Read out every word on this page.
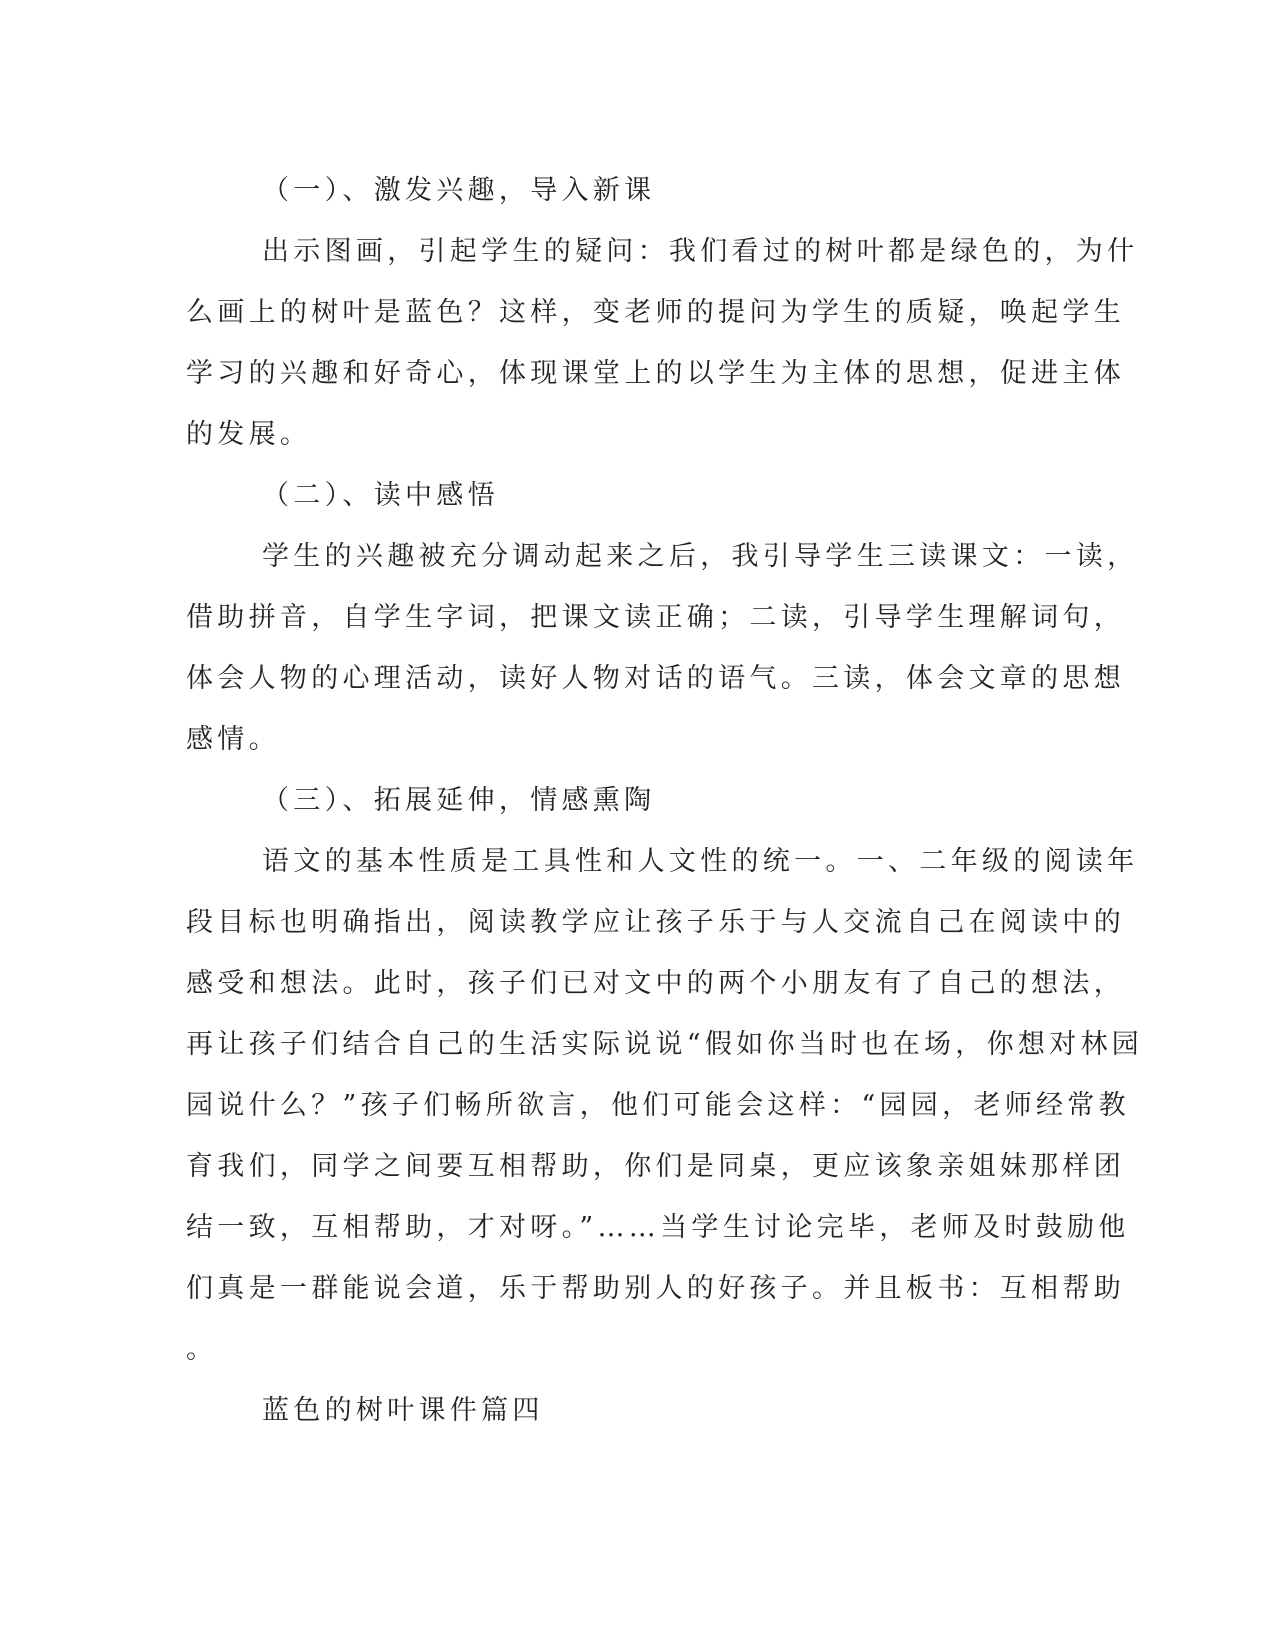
（一）、激发兴趣，导入新课
出示图画，引起学生的疑问：我们看过的树叶都是绿色的，为什
么画上的树叶是蓝色？这样，变老师的提问为学生的质疑，唤起学生
学习的兴趣和好奇心，体现课堂上的以学生为主体的思想，促进主体
的发展。
（二）、读中感悟
学生的兴趣被充分调动起来之后，我引导学生三读课文：一读，
借助拼音，自学生字词，把课文读正确；二读，引导学生理解词句，
体会人物的心理活动，读好人物对话的语气。三读，体会文章的思想
感情。
（三）、拓展延伸，情感熏陶
语文的基本性质是工具性和人文性的统一。一、二年级的阅读年
段目标也明确指出，阅读教学应让孩子乐于与人交流自己在阅读中的
感受和想法。此时，孩子们已对文中的两个小朋友有了自己的想法，
再让孩子们结合自己的生活实际说说“假如你当时也在场，你想对林园
园说什么？”孩子们畅所欲言，他们可能会这样：“园园，老师经常教
育我们，同学之间要互相帮助，你们是同桌，更应该象亲姐妹那样团
结一致，互相帮助，才对呀。”……当学生讨论完毕，老师及时鼓励他
们真是一群能说会道，乐于帮助别人的好孩子。并且板书：互相帮助
。
蓝色的树叶课件篇四
